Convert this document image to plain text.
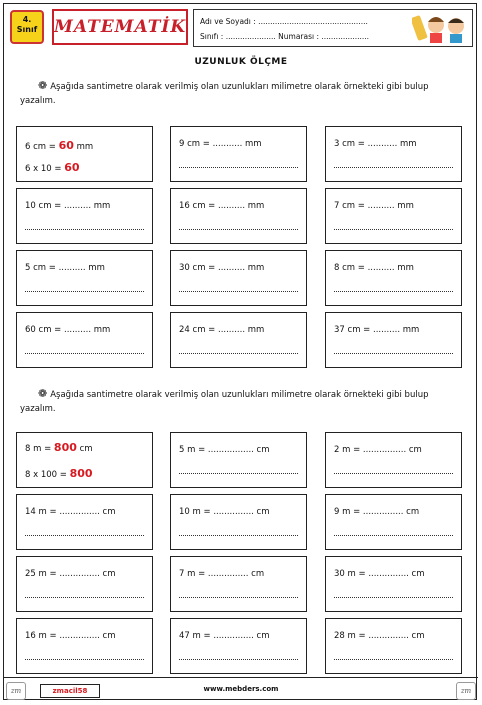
4.
Sınıf MATEMATİK Adı ve Soyadı : ..............................................
Sınıfı : ..................... Numarası : ....................
UZUNLUK ÖLÇME
❁ Aşağıda santimetre olarak verilmiş olan uzunlukları milimetre olarak örnekteki gibi bulup yazalım.
6 cm = 60 mm
6 x 10 = 60
9 cm = ........... mm	3 cm = ........... mm
10 cm = .......... mm	16 cm = .......... mm	7 cm = .......... mm
5 cm = .......... mm	30 cm = .......... mm	8 cm = .......... mm
60 cm = .......... mm	24 cm = .......... mm	37 cm = .......... mm
❁ Aşağıda santimetre olarak verilmiş olan uzunlukları milimetre olarak örnekteki gibi bulup yazalım.
8 m = 800 cm
8 x 100 = 800
5 m = ................. cm	2 m = ................ cm
14 m = ............... cm	10 m = ............... cm	9 m = ............... cm
25 m = ............... cm	7 m = ............... cm	30 m = ............... cm
16 m = ............... cm	47 m = ............... cm	28 m = ............... cm
zm	zmacil58	www.mebders.com	zm
